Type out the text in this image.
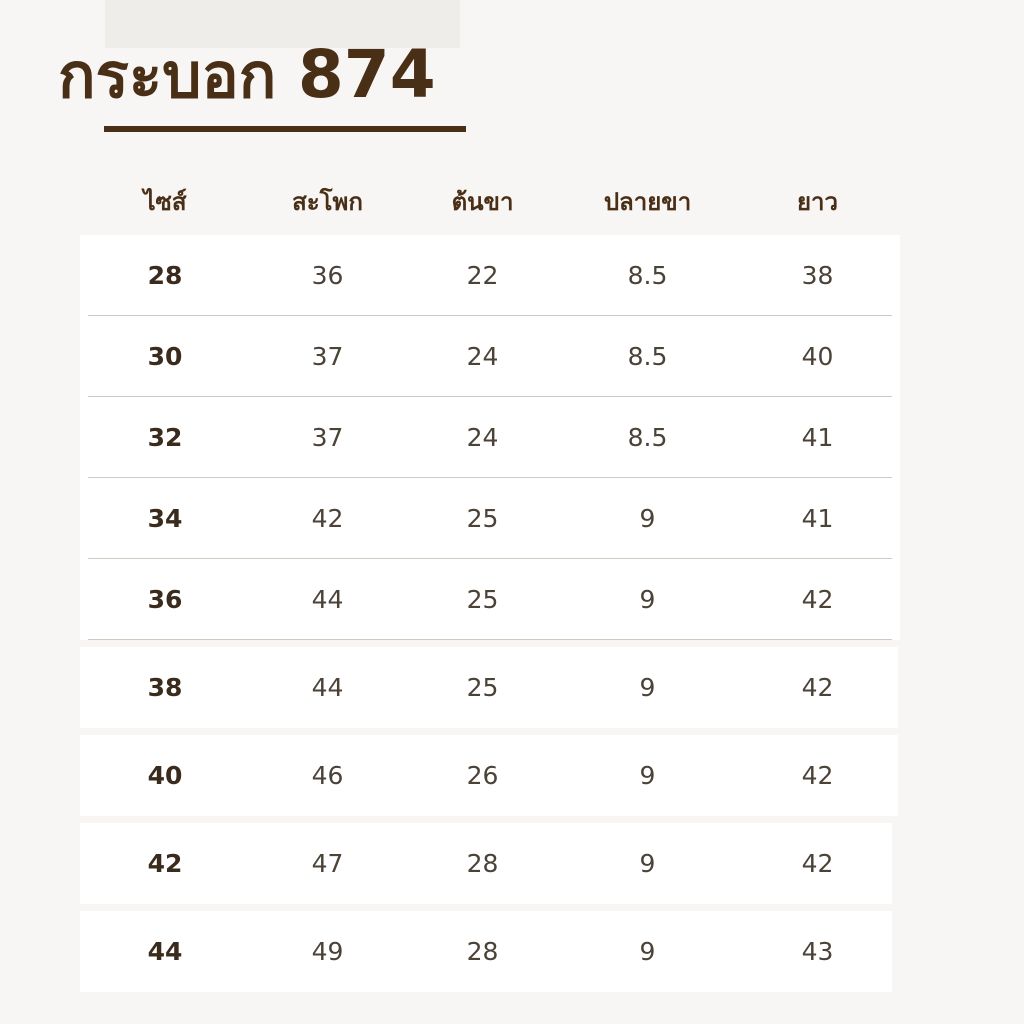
กระบอก 874
ไซส์	สะโพก	ต้นขา	ปลายขา	ยาว
28	36	22	8.5	38
30	37	24	8.5	40
32	37	24	8.5	41
34	42	25	9	41
36	44	25	9	42
38	44	25	9	42
40	46	26	9	42
42	47	28	9	42
44	49	28	9	43
